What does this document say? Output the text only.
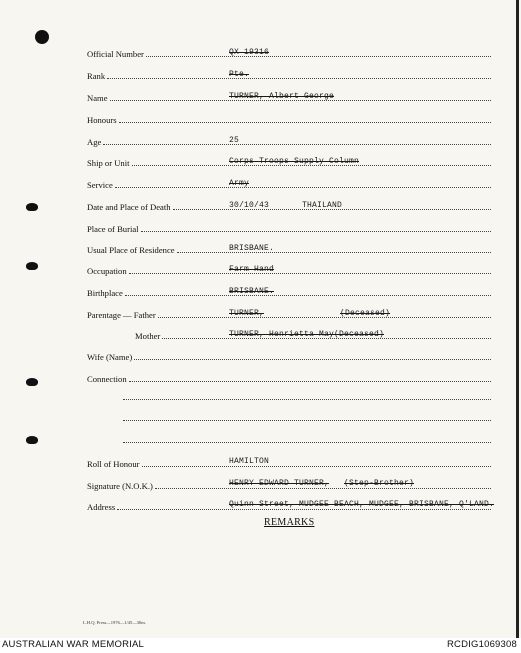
Official Number	QX 19316
Rank	Pte.
Name	TURNER, Albert George
Honours
Age	25
Ship or Unit	Corps Troops Supply Column
Service	Army
Date and Place of Death	30/10/43	THAILAND
Place of Burial
Usual Place of Residence	BRISBANE.
Occupation	Farm Hand
Birthplace	BRISBANE.
Parentage — Father	TURNER,	(Deceased)
Mother	TURNER, Henrietta May(Deceased)
Wife (Name)
Connection
Roll of Honour	HAMILTON
Signature (N.O.K.)	HENRY EDWARD TURNER, (Step-Brother)
Address	Quinn Street, MUDGEE BEACH, MUDGEE, BRISBANE, Q'LAND.
REMARKS
L.H.Q. Press—1976—1/45—30m.
AUSTRALIAN WAR MEMORIAL	RCDIG1069308
